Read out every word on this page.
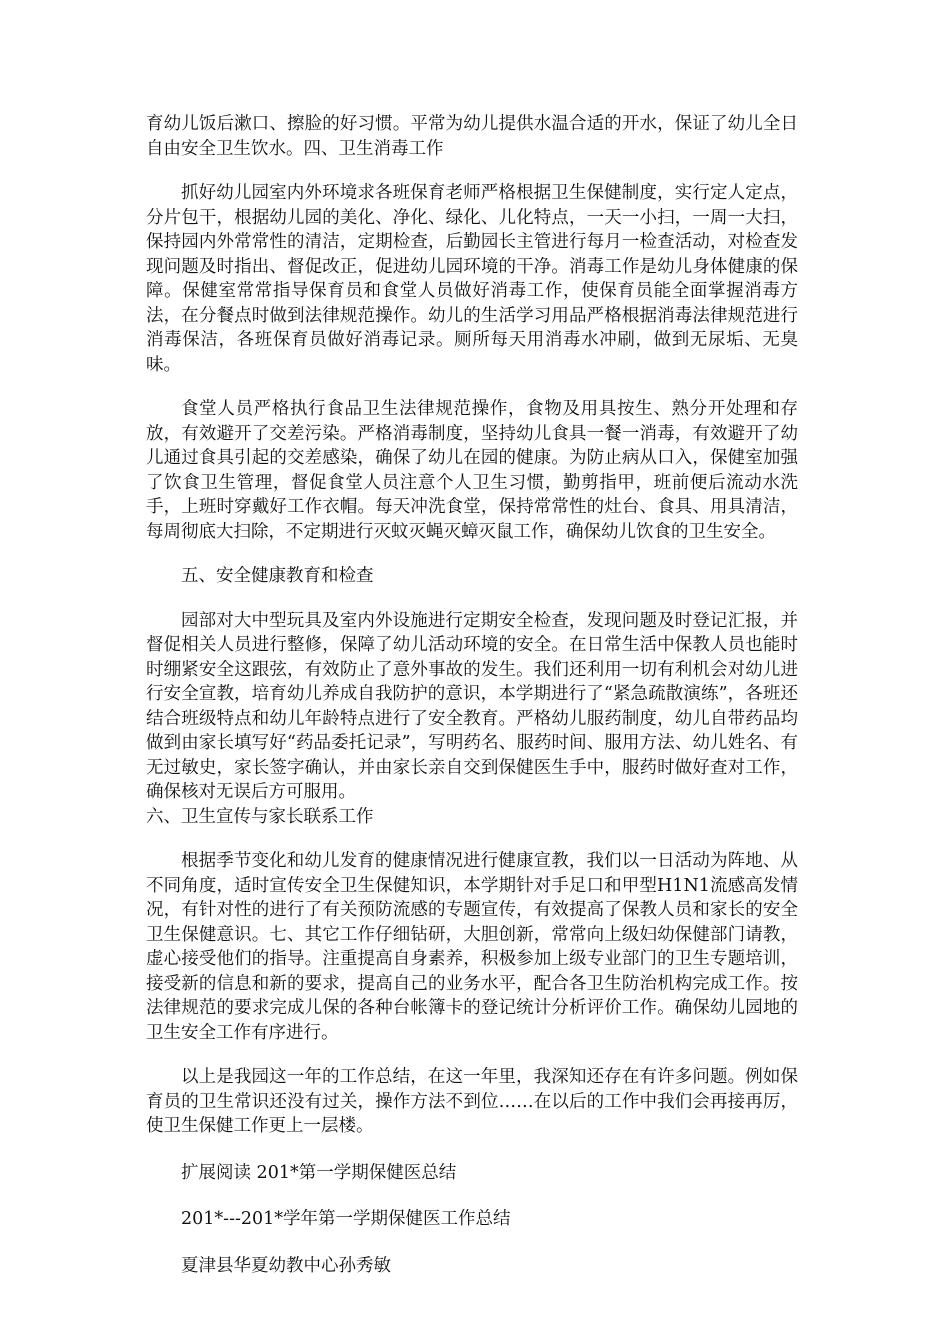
育幼儿饭后漱口、擦脸的好习惯。平常为幼儿提供水温合适的开水，保证了幼儿全日自由安全卫生饮水。四、卫生消毒工作

抓好幼儿园室内外环境求各班保育老师严格根据卫生保健制度，实行定人定点，分片包干，根据幼儿园的美化、净化、绿化、儿化特点，一天一小扫，一周一大扫，保持园内外常常性的清洁，定期检查，后勤园长主管进行每月一检查活动，对检查发现问题及时指出、督促改正，促进幼儿园环境的干净。消毒工作是幼儿身体健康的保障。保健室常常指导保育员和食堂人员做好消毒工作，使保育员能全面掌握消毒方法，在分餐点时做到法律规范操作。幼儿的生活学习用品严格根据消毒法律规范进行消毒保洁，各班保育员做好消毒记录。厕所每天用消毒水冲刷，做到无尿垢、无臭味。

食堂人员严格执行食品卫生法律规范操作，食物及用具按生、熟分开处理和存放，有效避开了交差污染。严格消毒制度，坚持幼儿食具一餐一消毒，有效避开了幼儿通过食具引起的交差感染，确保了幼儿在园的健康。为防止病从口入，保健室加强了饮食卫生管理，督促食堂人员注意个人卫生习惯，勤剪指甲，班前便后流动水洗手，上班时穿戴好工作衣帽。每天冲洗食堂，保持常常性的灶台、食具、用具清洁，每周彻底大扫除，不定期进行灭蚊灭蝇灭蟑灭鼠工作，确保幼儿饮食的卫生安全。

五、安全健康教育和检查

园部对大中型玩具及室内外设施进行定期安全检查，发现问题及时登记汇报，并督促相关人员进行整修，保障了幼儿活动环境的安全。在日常生活中保教人员也能时时绷紧安全这跟弦，有效防止了意外事故的发生。我们还利用一切有利机会对幼儿进行安全宣教，培育幼儿养成自我防护的意识，本学期进行了“紧急疏散演练”，各班还结合班级特点和幼儿年龄特点进行了安全教育。严格幼儿服药制度，幼儿自带药品均做到由家长填写好“药品委托记录”，写明药名、服药时间、服用方法、幼儿姓名、有无过敏史，家长签字确认，并由家长亲自交到保健医生手中，服药时做好查对工作，确保核对无误后方可服用。

六、卫生宣传与家长联系工作

根据季节变化和幼儿发育的健康情况进行健康宣教，我们以一日活动为阵地、从不同角度，适时宣传安全卫生保健知识，本学期针对手足口和甲型H1N1流感高发情况，有针对性的进行了有关预防流感的专题宣传，有效提高了保教人员和家长的安全卫生保健意识。七、其它工作仔细钻研，大胆创新，常常向上级妇幼保健部门请教，虚心接受他们的指导。注重提高自身素养，积极参加上级专业部门的卫生专题培训，接受新的信息和新的要求，提高自己的业务水平，配合各卫生防治机构完成工作。按法律规范的要求完成儿保的各种台帐簿卡的登记统计分析评价工作。确保幼儿园地的卫生安全工作有序进行。

以上是我园这一年的工作总结，在这一年里，我深知还存在有许多问题。例如保育员的卫生常识还没有过关，操作方法不到位……在以后的工作中我们会再接再厉，使卫生保健工作更上一层楼。

扩展阅读 201*第一学期保健医总结

201*---201*学年第一学期保健医工作总结

夏津县华夏幼教中心孙秀敏
